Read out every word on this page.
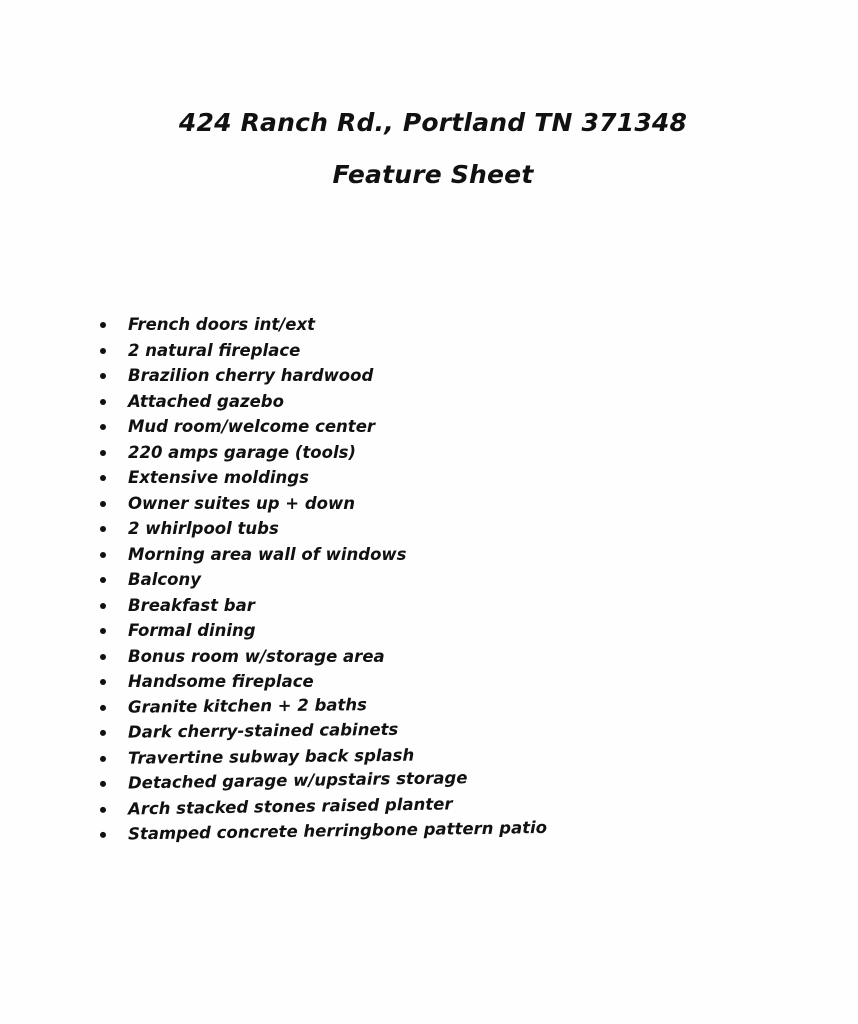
424 Ranch Rd., Portland TN 371348
Feature Sheet
French doors int/ext
2 natural fireplace
Brazilion cherry hardwood
Attached gazebo
Mud room/welcome center
220 amps garage (tools)
Extensive moldings
Owner suites up + down
2 whirlpool tubs
Morning area wall of windows
Balcony
Breakfast bar
Formal dining
Bonus room w/storage area
Handsome fireplace
Granite kitchen + 2 baths
Dark cherry-stained cabinets
Travertine subway back splash
Detached garage w/upstairs storage
Arch stacked stones raised planter
Stamped concrete herringbone pattern patio
